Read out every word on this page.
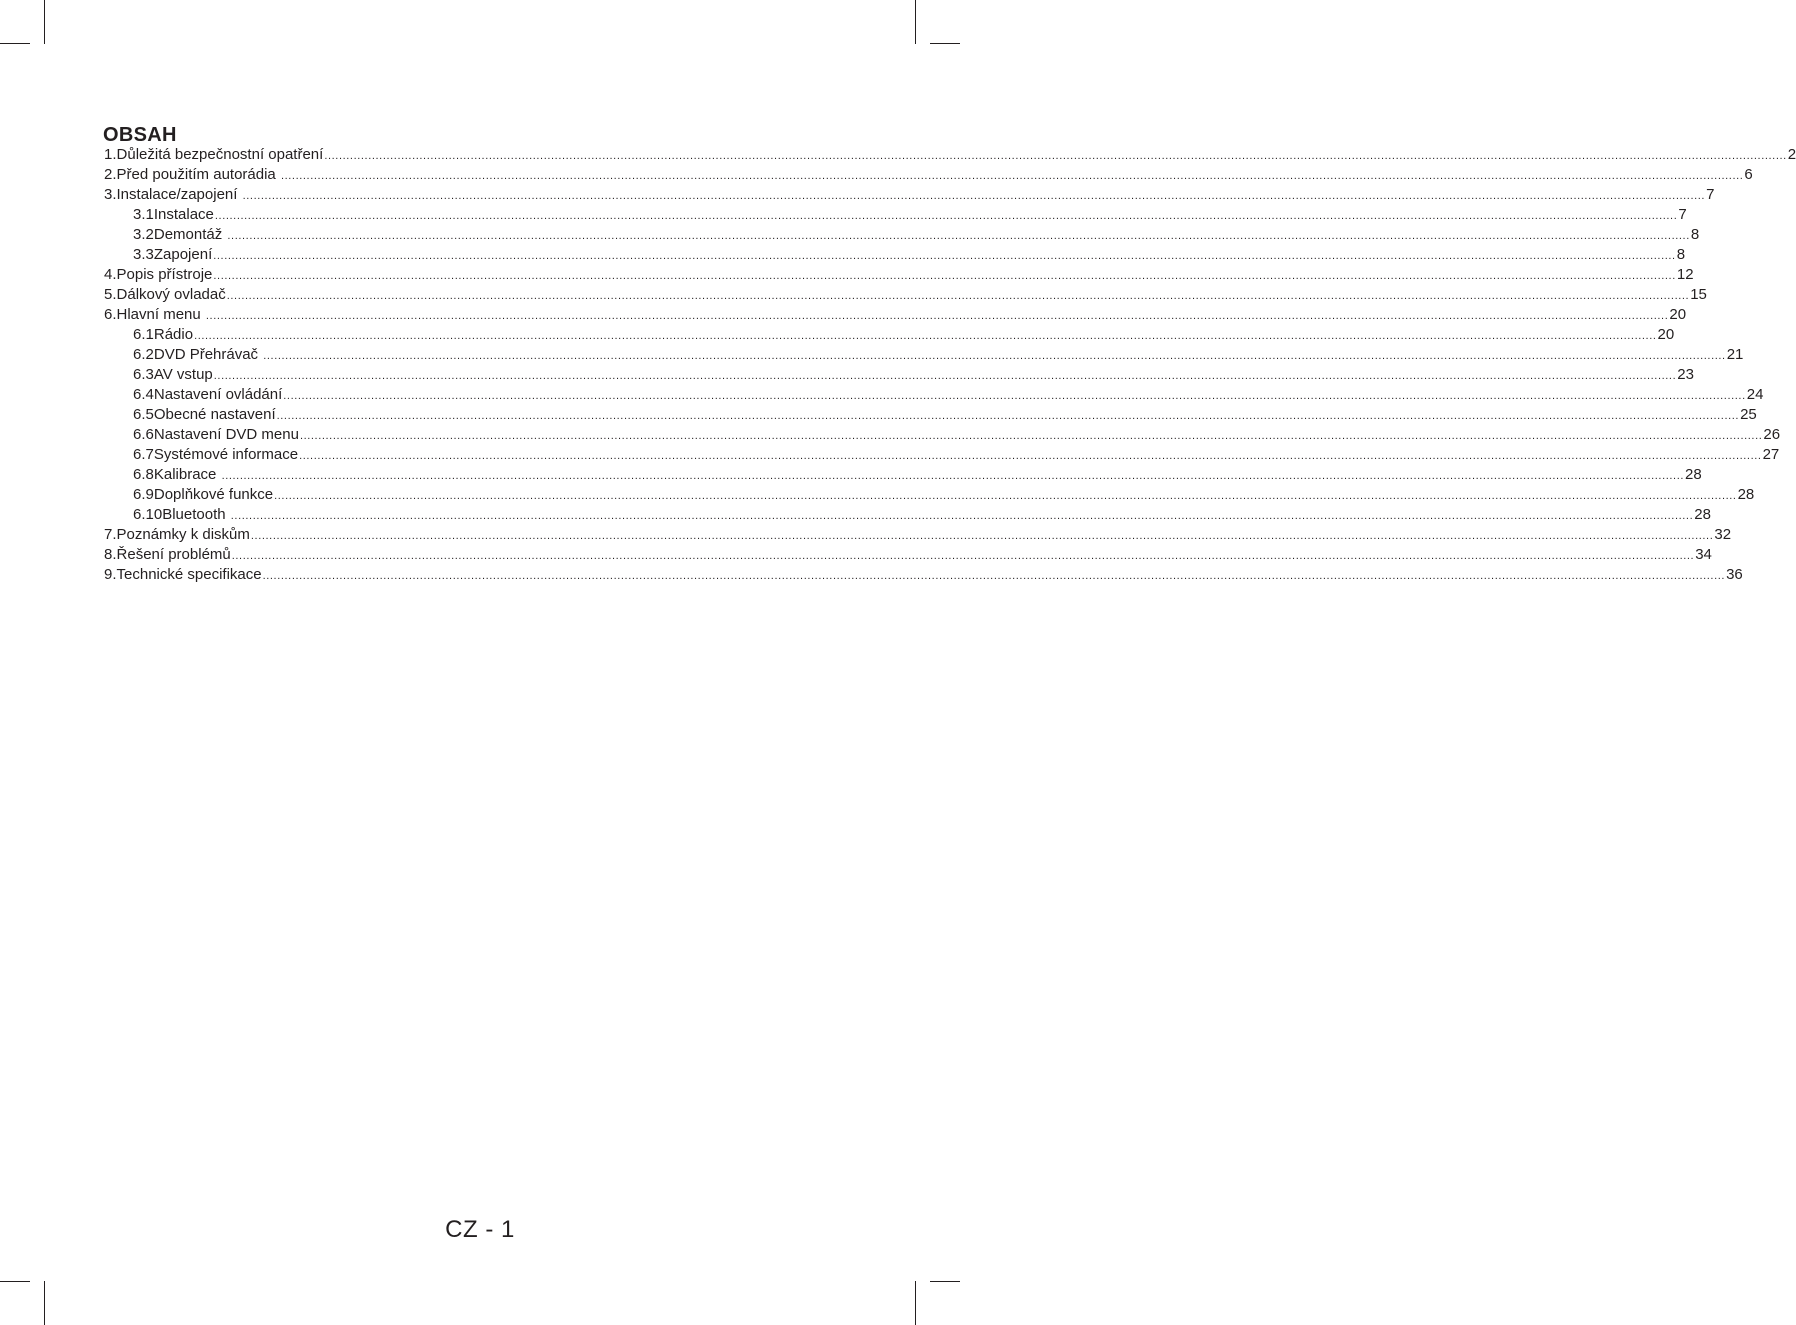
OBSAH
1. Důležitá bezpečnostní opatření ................................................................................................................................................................................................................................................................................................................................................................................................................ 2
2. Před použitím autorádia ................................................................................................................................................................................................................................................................................................................................................................................................................ 6
3. Instalace/zapojení ................................................................................................................................................................................................................................................................................................................................................................................................................ 7
3.1 Instalace ................................................................................................................................................................................................................................................................................................................................................................................................................ 7
3.2 Demontáž ................................................................................................................................................................................................................................................................................................................................................................................................................ 8
3.3 Zapojení ................................................................................................................................................................................................................................................................................................................................................................................................................ 8
4. Popis přístroje ................................................................................................................................................................................................................................................................................................................................................................................................................ 12
5. Dálkový ovladač ................................................................................................................................................................................................................................................................................................................................................................................................................ 15
6. Hlavní menu ................................................................................................................................................................................................................................................................................................................................................................................................................ 20
6.1 Rádio ................................................................................................................................................................................................................................................................................................................................................................................................................ 20
6.2 DVD Přehrávač ................................................................................................................................................................................................................................................................................................................................................................................................................ 21
6.3 AV vstup ................................................................................................................................................................................................................................................................................................................................................................................................................ 23
6.4 Nastavení ovládání ................................................................................................................................................................................................................................................................................................................................................................................................................ 24
6.5 Obecné nastavení ................................................................................................................................................................................................................................................................................................................................................................................................................ 25
6.6 Nastavení DVD menu ................................................................................................................................................................................................................................................................................................................................................................................................................ 26
6.7 Systémové informace ................................................................................................................................................................................................................................................................................................................................................................................................................ 27
6.8 Kalibrace ................................................................................................................................................................................................................................................................................................................................................................................................................ 28
6.9 Doplňkové funkce ................................................................................................................................................................................................................................................................................................................................................................................................................ 28
6.10 Bluetooth ................................................................................................................................................................................................................................................................................................................................................................................................................ 28
7. Poznámky k diskům ................................................................................................................................................................................................................................................................................................................................................................................................................ 32
8. Řešení problémů ................................................................................................................................................................................................................................................................................................................................................................................................................ 34
9. Technické specifikace ................................................................................................................................................................................................................................................................................................................................................................................................................ 36
CZ - 1
